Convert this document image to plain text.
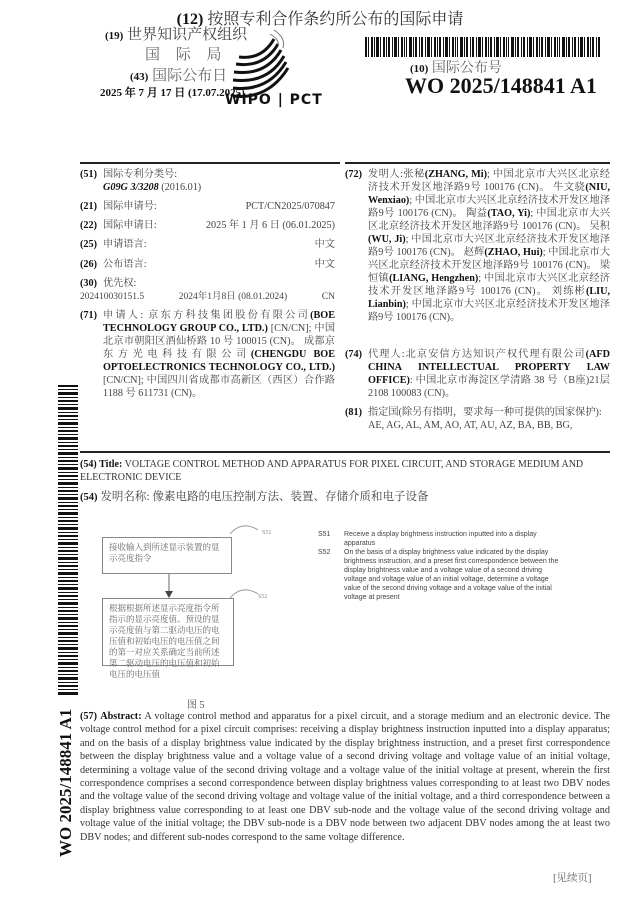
(12) 按照专利合作条约所公布的国际申请
(19) 世界知识产权组织
国 际 局
(43) 国际公布日
2025 年 7 月 17 日 (17.07.2025)
WIPO | PCT
(10) 国际公布号
WO 2025/148841 A1
(51) 国际专利分类号:
G09G 3/3208 (2016.01)
(21) 国际申请号:	PCT/CN2025/070847
(22) 国际申请日:	2025 年 1 月 6 日 (06.01.2025)
(25) 申请语言:	中文
(26) 公布语言:	中文
(30) 优先权:
202410030151.5	2024年1月8日 (08.01.2024)	CN
(71) 申请人: 京东方科技集团股份有限公司(BOE TECHNOLOGY GROUP CO., LTD.) [CN/CN]; 中国北京市朝阳区酒仙桥路 10 号 100015 (CN)。 成都京东方光电科技有限公司(CHENGDU BOE OPTOELECTRONICS TECHNOLOGY CO., LTD.) [CN/CN]; 中国四川省成都市高新区（西区）合作路 1188 号 611731 (CN)。
(72) 发明人:张秘(ZHANG, Mi); 中国北京市大兴区北京经济技术开发区地泽路9号 100176 (CN)。 牛文骁(NIU, Wenxiao); 中国北京市大兴区北京经济技术开发区地泽路9号 100176 (CN)。 陶益(TAO, Yi); 中国北京市大兴区北京经济技术开发区地泽路9号 100176 (CN)。 吴积(WU, Ji); 中国北京市大兴区北京经济技术开发区地泽路9号 100176 (CN)。 赵辉(ZHAO, Hui); 中国北京市大兴区北京经济技术开发区地泽路9号 100176 (CN)。 梁恒镇(LIANG, Hengzhen); 中国北京市大兴区北京经济技术开发区地泽路9号 100176 (CN)。 刘练彬(LIU, Lianbin); 中国北京市大兴区北京经济技术开发区地泽路9号 100176 (CN)。
(74) 代理人:北京安信方达知识产权代理有限公司(AFD CHINA INTELLECTUAL PROPERTY LAW OFFICE): 中国北京市海淀区学清路 38 号（B座)21层2108 100083 (CN)。
(81) 指定国(除另有指明，要求每一种可提供的国家保护): AE, AG, AL, AM, AO, AT, AU, AZ, BA, BB, BG,
WO 2025/148841 A1
(54) Title: VOLTAGE CONTROL METHOD AND APPARATUS FOR PIXEL CIRCUIT, AND STORAGE MEDIUM AND ELECTRONIC DEVICE
(54) 发明名称: 像素电路的电压控制方法、装置、存储介质和电子设备
接收输入到所述显示装置的显示亮度指令
S51
根据根据所述显示亮度指令所指示的显示亮度值、预设的显示亮度值与第二驱动电压的电压值和初始电压的电压值之间的第一对应关系确定当前所述第二驱动电压的电压值和初始电压的电压值
S52
图 5
S51	Receive a display brightness instruction inputted into a display apparatus
S52	On the basis of a display brightness value indicated by the display brightness instruction, and a preset first correspondence between the display brightness value and a voltage value of a second driving voltage and voltage value of an initial voltage, determine a voltage value of the second driving voltage and a voltage value of the initial voltage at present
(57) Abstract: A voltage control method and apparatus for a pixel circuit, and a storage medium and an electronic device. The voltage control method for a pixel circuit comprises: receiving a display brightness instruction inputted into a display apparatus; and on the basis of a display brightness value indicated by the display brightness instruction, and a preset first correspondence between the display brightness value and a voltage value of a second driving voltage and voltage value of an initial voltage, determining a voltage value of the second driving voltage and a voltage value of the initial voltage at present, wherein the first correspondence comprises a second correspondence between display brightness values corresponding to at least two DBV nodes and the voltage value of the second driving voltage and voltage value of the initial voltage, and a third correspondence between a display brightness value corresponding to at least one DBV sub-node and the voltage value of the second driving voltage and voltage value of the initial voltage; the DBV sub-node is a DBV node between two adjacent DBV nodes among the at least two DBV nodes; and different sub-nodes correspond to the same voltage difference.
[见续页]
